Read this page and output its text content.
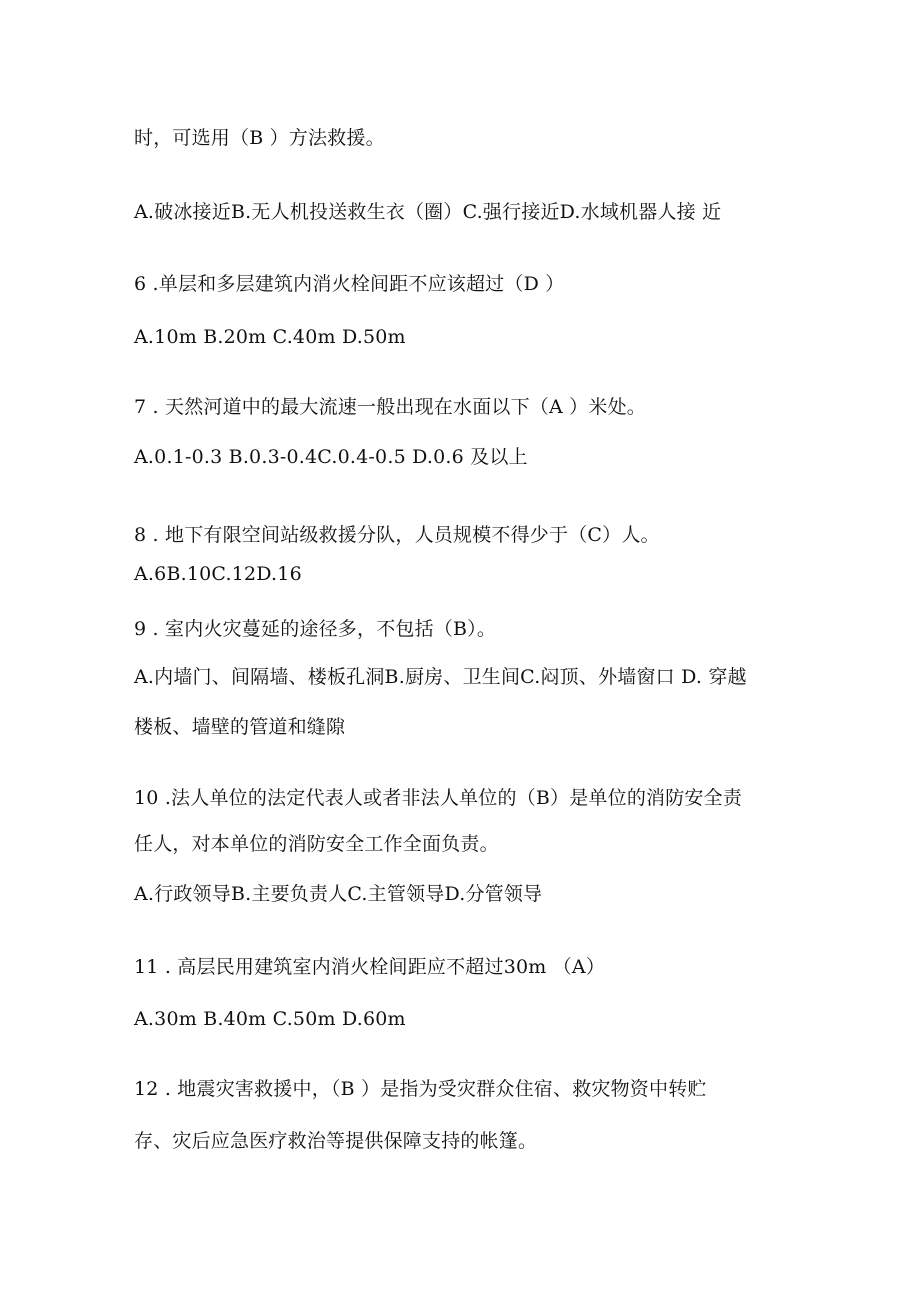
时，可选用（B ）方法救援。
A.破冰接近B.无人机投送救生衣（圈）C.强行接近D.水域机器人接 近
6 .单层和多层建筑内消火栓间距不应该超过（D ）
A.10m B.20m C.40m D.50m
7 . 天然河道中的最大流速一般出现在水面以下（A ）米处。
A.0.1-0.3 B.0.3-0.4C.0.4-0.5 D.0.6 及以上
8 . 地下有限空间站级救援分队，人员规模不得少于（C）人。
A.6B.10C.12D.16
9 . 室内火灾蔓延的途径多，不包括（B）。
A.内墙门、间隔墙、楼板孔洞B.厨房、卫生间C.闷顶、外墙窗口 D. 穿越
楼板、墙壁的管道和缝隙
10 .法人单位的法定代表人或者非法人单位的（B）是单位的消防安全责
任人，对本单位的消防安全工作全面负责。
A.行政领导B.主要负责人C.主管领导D.分管领导
11 . 高层民用建筑室内消火栓间距应不超过30m （A）
A.30m B.40m C.50m D.60m
12 . 地震灾害救援中，（B ）是指为受灾群众住宿、救灾物资中转贮
存、灾后应急医疗救治等提供保障支持的帐篷。
